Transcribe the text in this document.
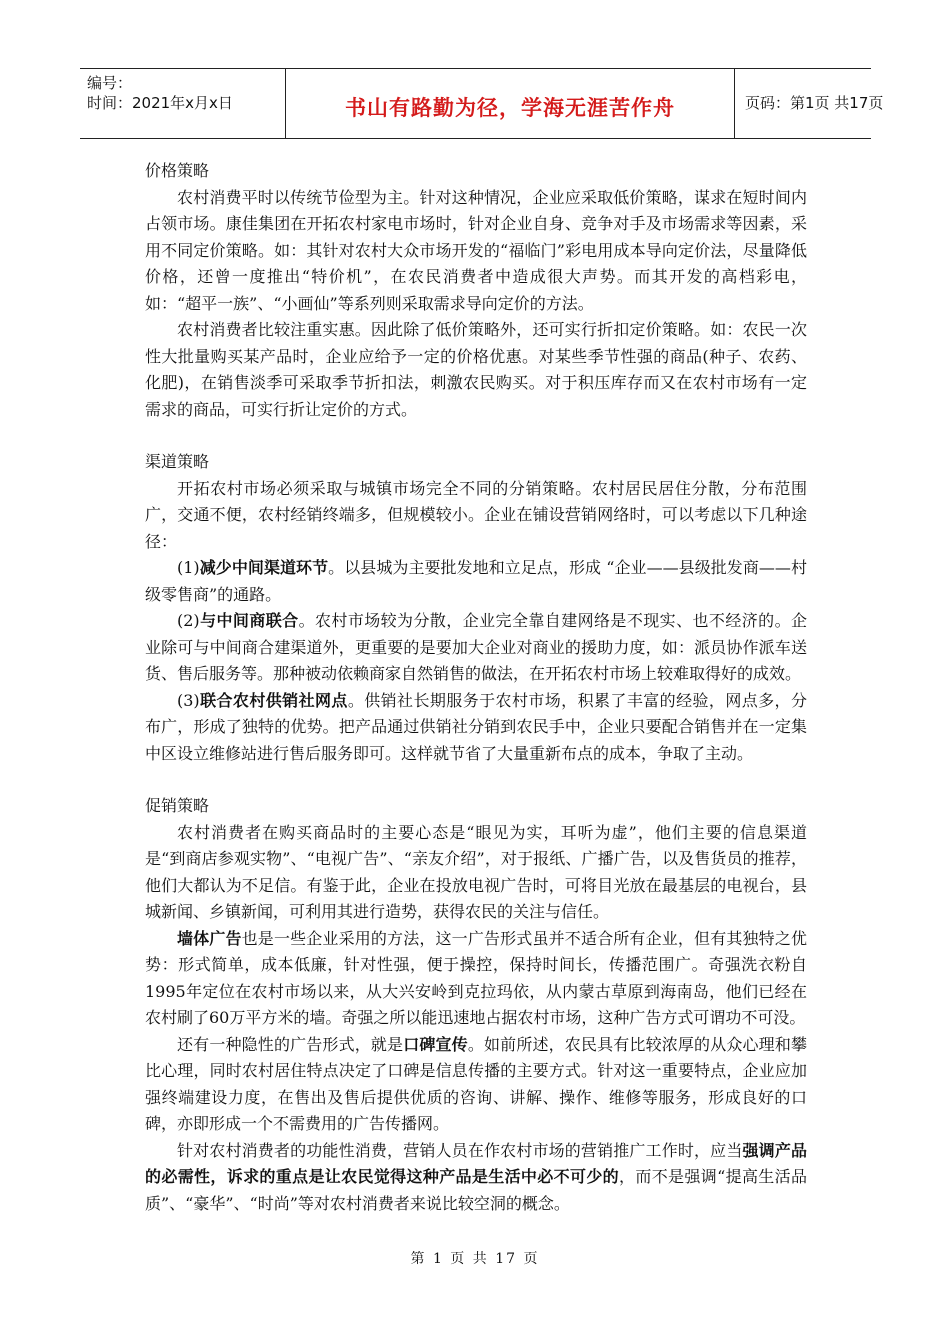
编号：
时间：2021年x月x日	书山有路勤为径，学海无涯苦作舟	页码：第1页 共17页

价格策略

农村消费平时以传统节俭型为主。针对这种情况，企业应采取低价策略，谋求在短时间内占领市场。康佳集团在开拓农村家电市场时，针对企业自身、竞争对手及市场需求等因素，采用不同定价策略。如：其针对农村大众市场开发的“福临门”彩电用成本导向定价法，尽量降低价格，还曾一度推出“特价机”，在农民消费者中造成很大声势。而其开发的高档彩电，如：“超平一族”、“小画仙”等系列则采取需求导向定价的方法。

农村消费者比较注重实惠。因此除了低价策略外，还可实行折扣定价策略。如：农民一次性大批量购买某产品时，企业应给予一定的价格优惠。对某些季节性强的商品(种子、农药、化肥)，在销售淡季可采取季节折扣法，刺激农民购买。对于积压库存而又在农村市场有一定需求的商品，可实行折让定价的方式。

渠道策略

开拓农村市场必须采取与城镇市场完全不同的分销策略。农村居民居住分散，分布范围广，交通不便，农村经销终端多，但规模较小。企业在铺设营销网络时，可以考虑以下几种途径：

(1)减少中间渠道环节。以县城为主要批发地和立足点，形成 “企业——县级批发商——村级零售商”的通路。

(2)与中间商联合。农村市场较为分散，企业完全靠自建网络是不现实、也不经济的。企业除可与中间商合建渠道外，更重要的是要加大企业对商业的援助力度，如：派员协作派车送货、售后服务等。那种被动依赖商家自然销售的做法，在开拓农村市场上较难取得好的成效。

(3)联合农村供销社网点。供销社长期服务于农村市场，积累了丰富的经验，网点多，分布广，形成了独特的优势。把产品通过供销社分销到农民手中，企业只要配合销售并在一定集中区设立维修站进行售后服务即可。这样就节省了大量重新布点的成本，争取了主动。

促销策略

农村消费者在购买商品时的主要心态是“眼见为实，耳听为虚”，他们主要的信息渠道是“到商店参观实物”、“电视广告”、“亲友介绍”，对于报纸、广播广告，以及售货员的推荐，他们大都认为不足信。有鉴于此，企业在投放电视广告时，可将目光放在最基层的电视台，县城新闻、乡镇新闻，可利用其进行造势，获得农民的关注与信任。

墙体广告也是一些企业采用的方法，这一广告形式虽并不适合所有企业，但有其独特之优势：形式简单，成本低廉，针对性强，便于操控，保持时间长，传播范围广。奇强洗衣粉自1995年定位在农村市场以来，从大兴安岭到克拉玛依，从内蒙古草原到海南岛，他们已经在农村刷了60万平方米的墙。奇强之所以能迅速地占据农村市场，这种广告方式可谓功不可没。

还有一种隐性的广告形式，就是口碑宣传。如前所述，农民具有比较浓厚的从众心理和攀比心理，同时农村居住特点决定了口碑是信息传播的主要方式。针对这一重要特点，企业应加强终端建设力度，在售出及售后提供优质的咨询、讲解、操作、维修等服务，形成良好的口碑，亦即形成一个不需费用的广告传播网。

针对农村消费者的功能性消费，营销人员在作农村市场的营销推广工作时，应当强调产品的必需性，诉求的重点是让农民觉得这种产品是生活中必不可少的，而不是强调“提高生活品质”、“豪华”、“时尚”等对农村消费者来说比较空洞的概念。

第 1 页 共 17 页
